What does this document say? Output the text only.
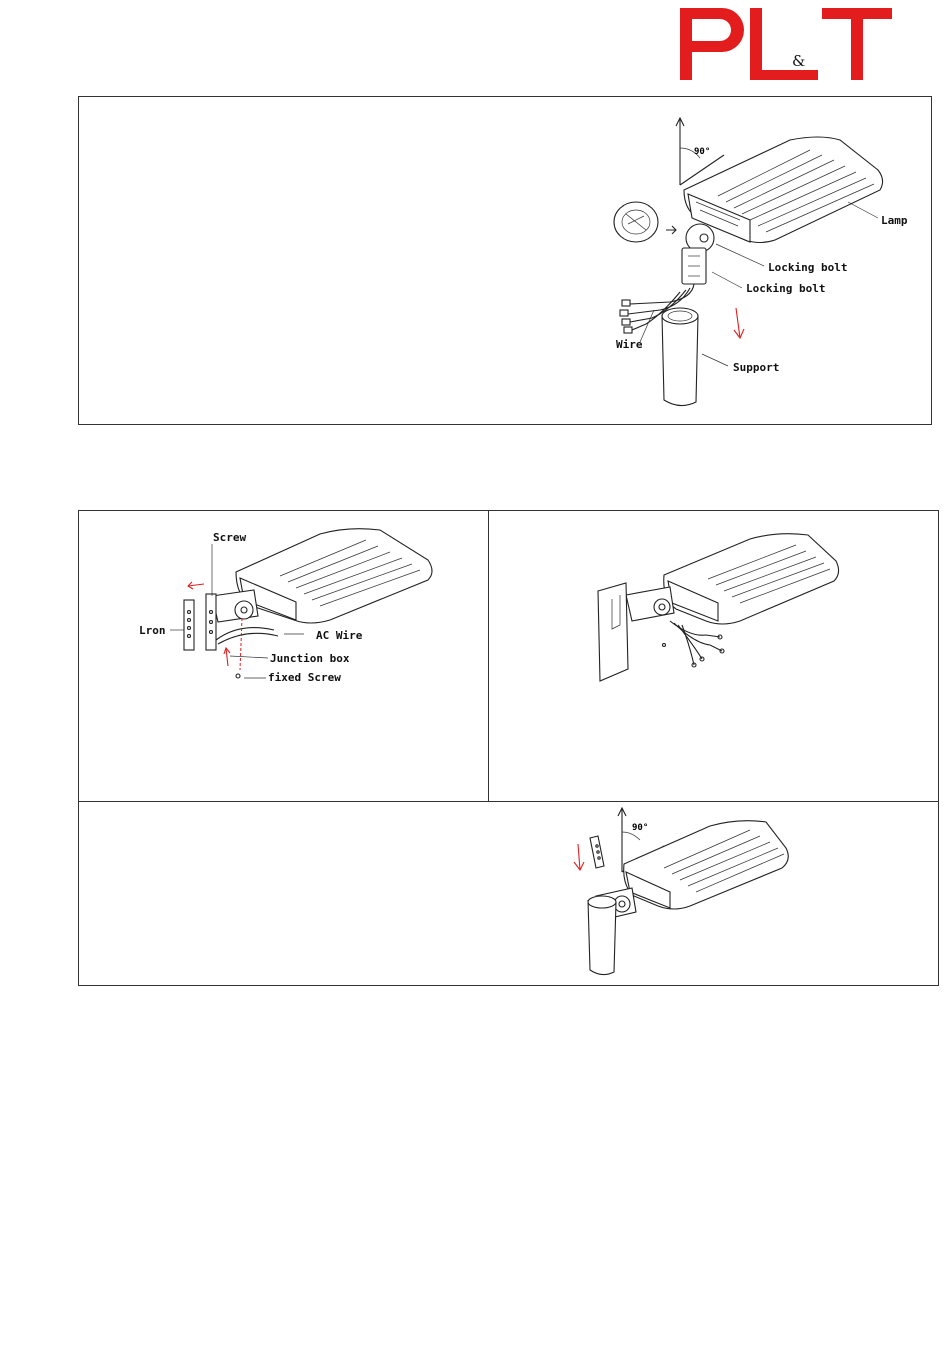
&
90°
Lamp
Locking bolt
Locking bolt
Wire
Support
Screw
Lron	AC Wire
Junction box
fixed Screw
90°
